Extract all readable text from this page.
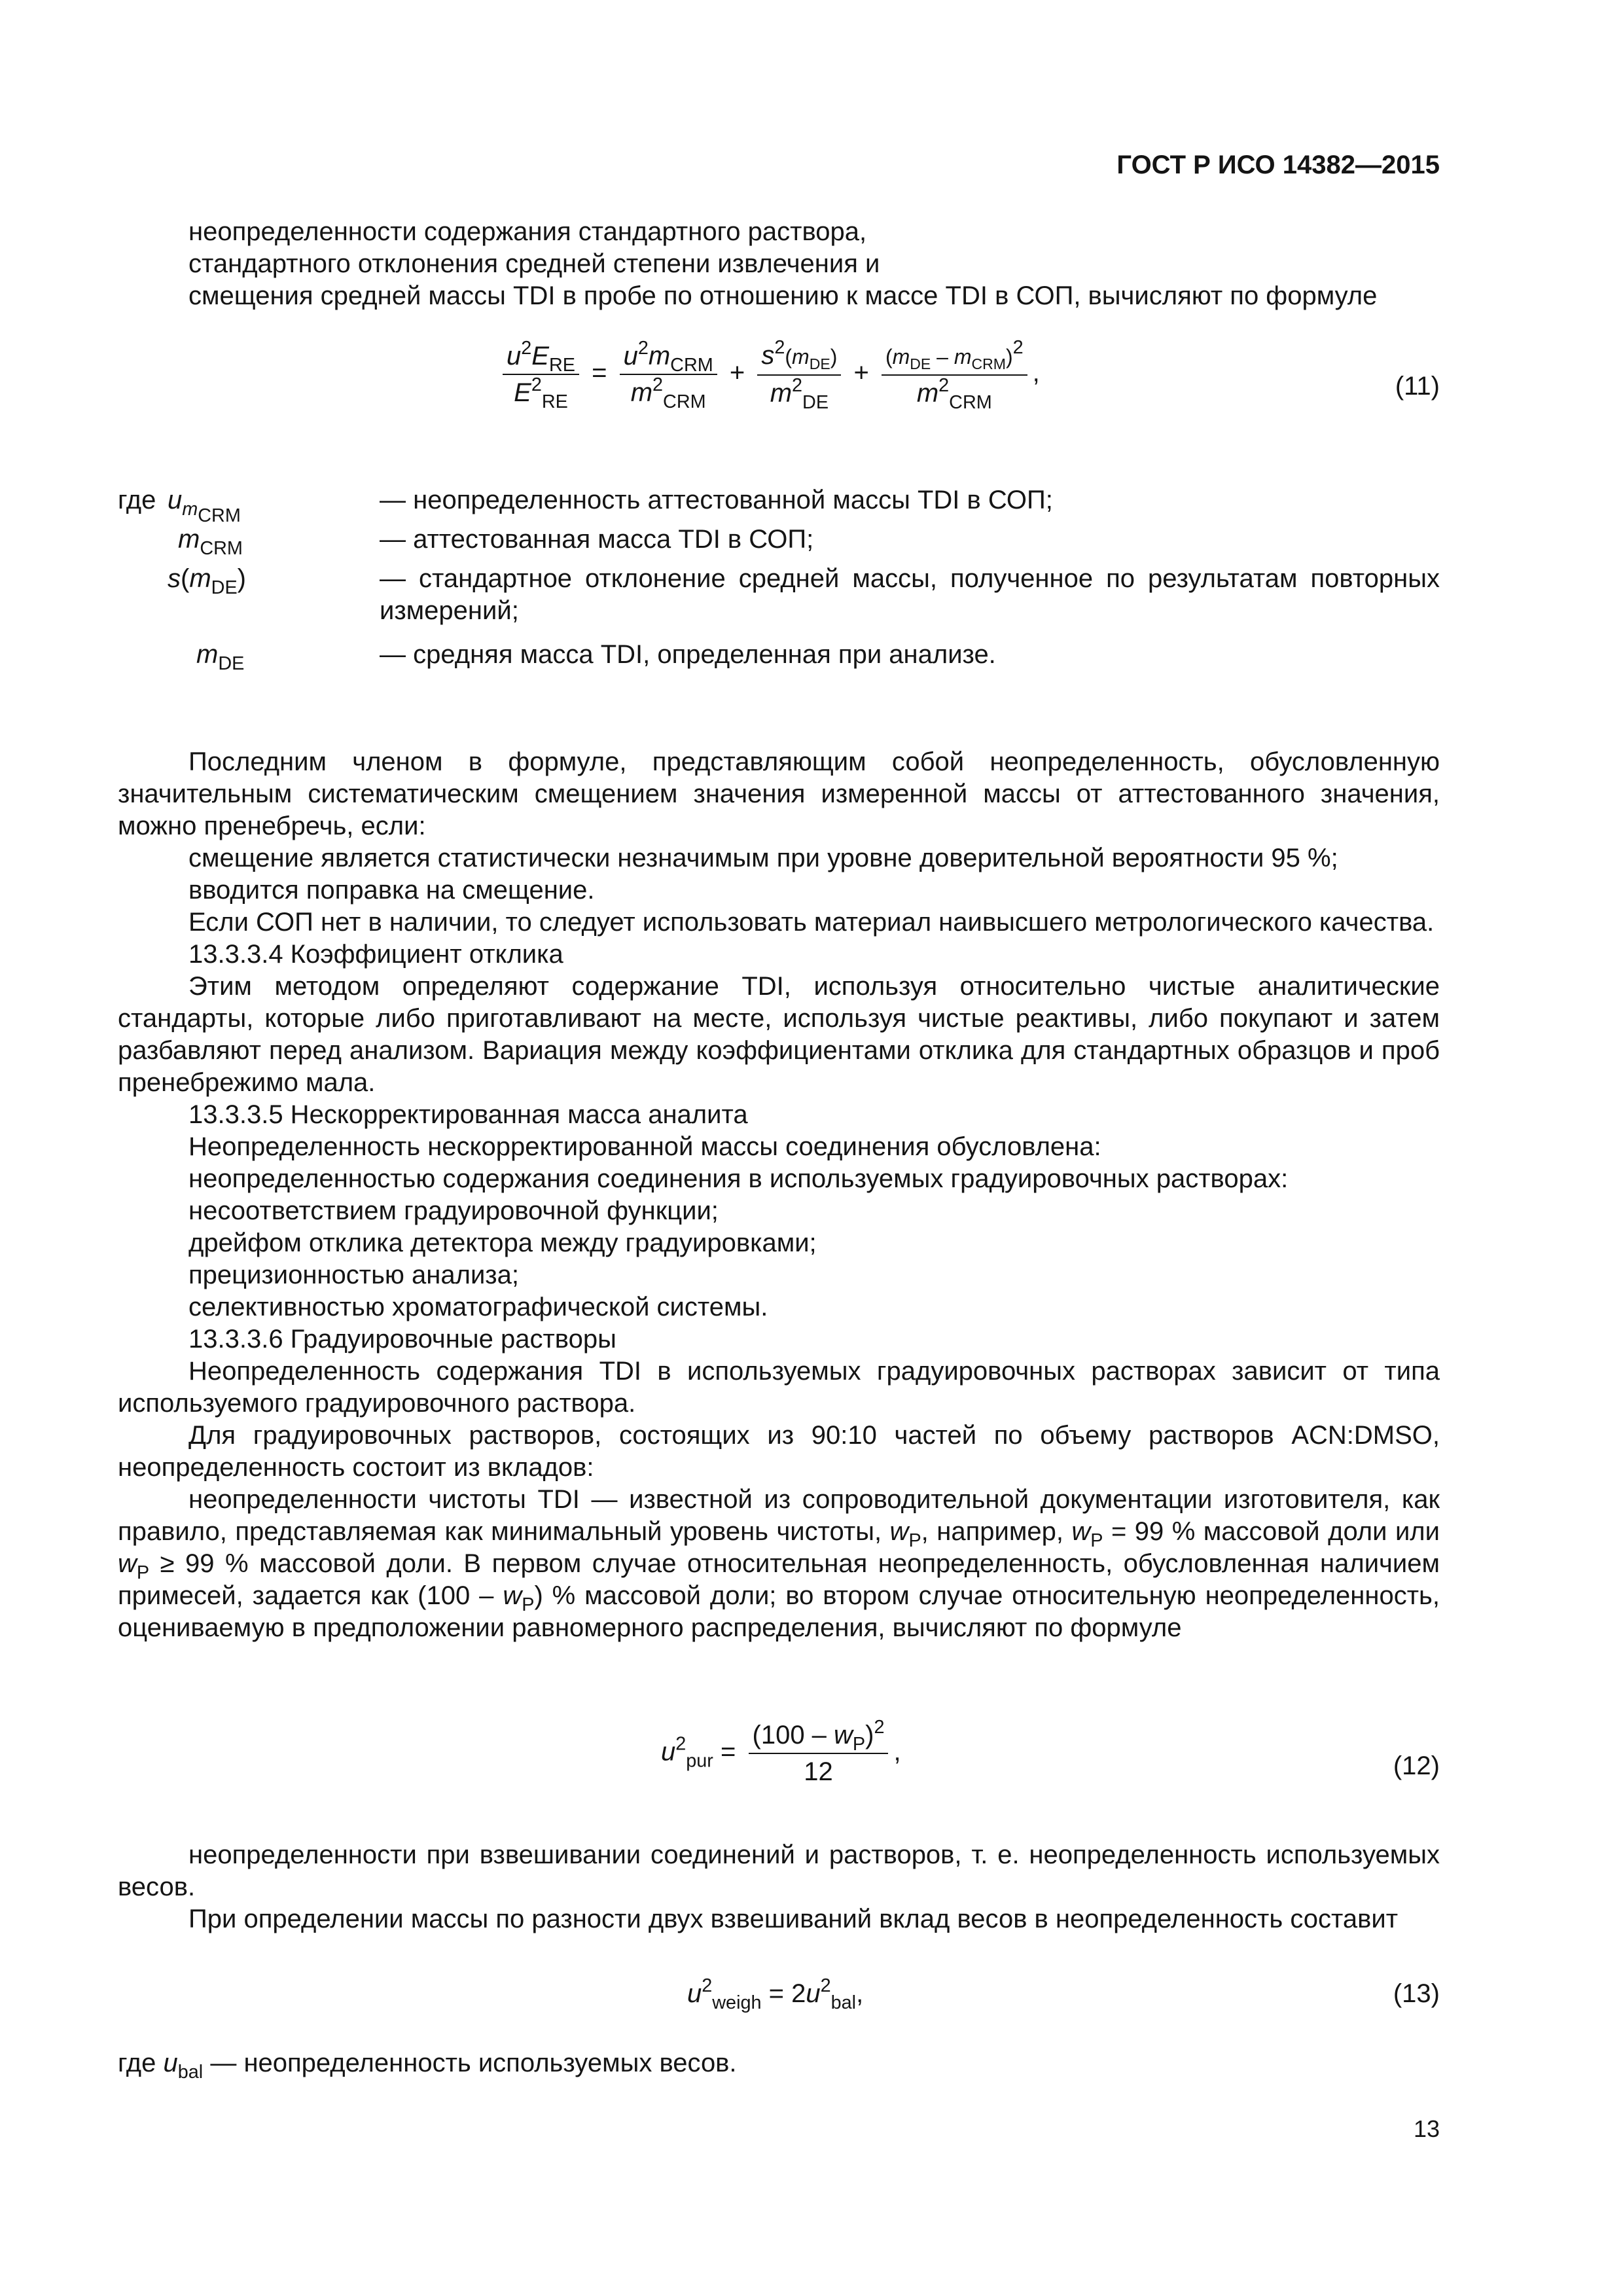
ГОСТ Р ИСО 14382—2015

неопределенности содержания стандартного раствора,

стандартного отклонения средней степени извлечения и

смещения средней массы TDI в пробе по отношению к массе TDI в СОП, вычисляют по формуле

$\frac{u^2E_{RE}}{E^2_{RE}} = \frac{u^2m_{CRM}}{m^2_{CRM}} + \frac{s^2(m_{DE})}{m^2_{DE}} + \frac{(m_{DE} - m_{CRM})^2}{m^2_{CRM}}$ ,	(11)
где $u_{mCRM}$
— неопределенность аттестованной массы TDI в СОП;
$m_{CRM}$	— аттестованная масса TDI в СОП;
$s(m_{DE})$	— стандартное отклонение средней массы, полученное по результатам повторных измерений;
$m_{DE}$	— средняя масса TDI, определенная при анализе.

Последним членом в формуле, представляющим собой неопределенность, обусловленную значительным систематическим смещением значения измеренной массы от аттестованного значения, можно пренебречь, если:

смещение является статистически незначимым при уровне доверительной вероятности 95 %;

вводится поправка на смещение.

Если СОП нет в наличии, то следует использовать материал наивысшего метрологического качества.

13.3.3.4 Коэффициент отклика

Этим методом определяют содержание TDI, используя относительно чистые аналитические стандарты, которые либо приготавливают на месте, используя чистые реактивы, либо покупают и затем разбавляют перед анализом. Вариация между коэффициентами отклика для стандартных образцов и проб пренебрежимо мала.

13.3.3.5 Нескорректированная масса аналита

Неопределенность нескорректированной массы соединения обусловлена:

неопределенностью содержания соединения в используемых градуировочных растворах:

несоответствием градуировочной функции;

дрейфом отклика детектора между градуировками;

прецизионностью анализа;

селективностью хроматографической системы.

13.3.3.6 Градуировочные растворы

Неопределенность содержания TDI в используемых градуировочных растворах зависит от типа используемого градуировочного раствора.

Для градуировочных растворов, состоящих из 90:10 частей по объему растворов ACN:DMSO, неопределенность состоит из вкладов:

неопределенности чистоты TDI — известной из сопроводительной документации изготовителя, как правило, представляемая как минимальный уровень чистоты, $w_P$, например, $w_P = 99$ % массовой доли или $w_P \ge 99$ % массовой доли. В первом случае относительная неопределенность, обусловленная наличием примесей, задается как $(100 - w_P)$ % массовой доли; во втором случае относительную неопределенность, оцениваемую в предположении равномерного распределения, вычисляют по формуле

$u^2_{pur} = \frac{(100 - w_P)^2}{12}$ ,	(12)

неопределенности при взвешивании соединений и растворов, т. е. неопределенность используемых весов.

При определении массы по разности двух взвешиваний вклад весов в неопределенность составит

$u^2_{weigh} = 2u^2_{bal}$,	(13)
где $u_{bal}$ — неопределенность используемых весов.
13
